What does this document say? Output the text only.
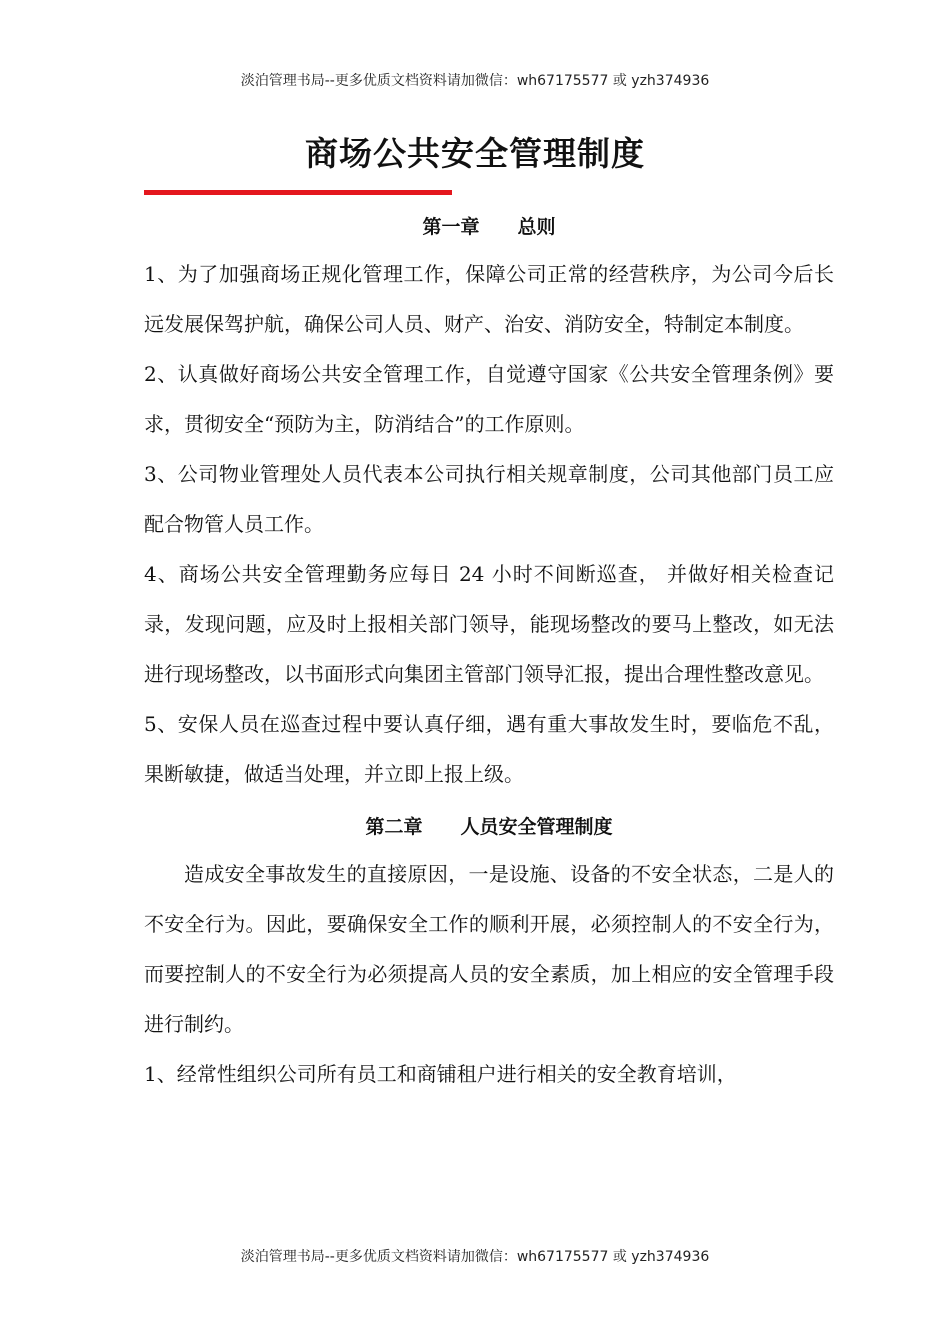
淡泊管理书局--更多优质文档资料请加微信：wh67175577 或 yzh374936
商场公共安全管理制度
第一章 总则

1、为了加强商场正规化管理工作，保障公司正常的经营秩序，为公司今后长远发展保驾护航，确保公司人员、财产、治安、消防安全，特制定本制度。

2、认真做好商场公共安全管理工作，自觉遵守国家《公共安全管理条例》要求，贯彻安全“预防为主，防消结合”的工作原则。

3、公司物业管理处人员代表本公司执行相关规章制度，公司其他部门员工应配合物管人员工作。

4、商场公共安全管理勤务应每日 24 小时不间断巡查， 并做好相关检查记录，发现问题，应及时上报相关部门领导，能现场整改的要马上整改，如无法进行现场整改，以书面形式向集团主管部门领导汇报，提出合理性整改意见。

5、安保人员在巡查过程中要认真仔细，遇有重大事故发生时，要临危不乱，果断敏捷，做适当处理，并立即上报上级。

第二章 人员安全管理制度

造成安全事故发生的直接原因，一是设施、设备的不安全状态，二是人的不安全行为。因此，要确保安全工作的顺利开展，必须控制人的不安全行为，而要控制人的不安全行为必须提高人员的安全素质，加上相应的安全管理手段进行制约。

1、经常性组织公司所有员工和商铺租户进行相关的安全教育培训，

淡泊管理书局--更多优质文档资料请加微信：wh67175577 或 yzh374936
